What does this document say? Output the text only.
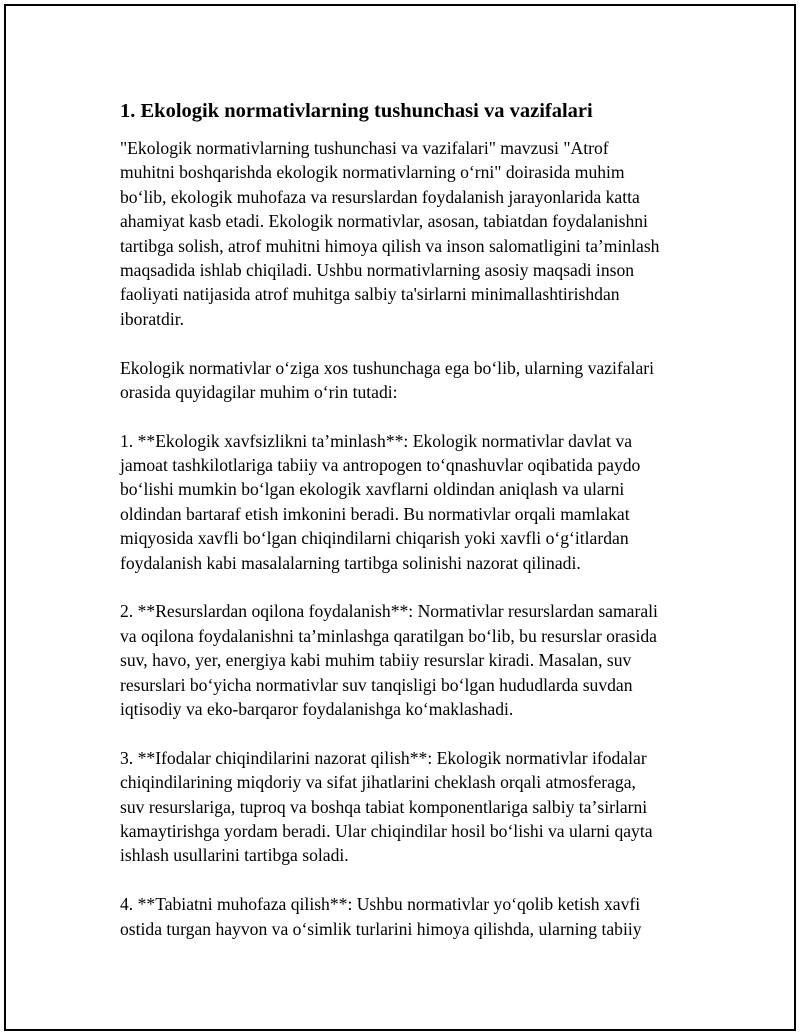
1. Ekologik normativlarning tushunchasi va vazifalari
"Ekologik normativlarning tushunchasi va vazifalari" mavzusi "Atrof
muhitni boshqarishda ekologik normativlarning oʻrni" doirasida muhim
boʻlib, ekologik muhofaza va resurslardan foydalanish jarayonlarida katta
ahamiyat kasb etadi. Ekologik normativlar, asosan, tabiatdan foydalanishni
tartibga solish, atrof muhitni himoya qilish va inson salomatligini taʼminlash
maqsadida ishlab chiqiladi. Ushbu normativlarning asosiy maqsadi inson
faoliyati natijasida atrof muhitga salbiy ta'sirlarni minimallashtirishdan
iboratdir.
Ekologik normativlar oʻziga xos tushunchaga ega boʻlib, ularning vazifalari
orasida quyidagilar muhim oʻrin tutadi:
1. **Ekologik xavfsizlikni taʼminlash**: Ekologik normativlar davlat va
jamoat tashkilotlariga tabiiy va antropogen toʻqnashuvlar oqibatida paydo
boʻlishi mumkin boʻlgan ekologik xavflarni oldindan aniqlash va ularni
oldindan bartaraf etish imkonini beradi. Bu normativlar orqali mamlakat
miqyosida xavfli boʻlgan chiqindilarni chiqarish yoki xavfli oʻgʻitlardan
foydalanish kabi masalalarning tartibga solinishi nazorat qilinadi.
2. **Resurslardan oqilona foydalanish**: Normativlar resurslardan samarali
va oqilona foydalanishni taʼminlashga qaratilgan boʻlib, bu resurslar orasida
suv, havo, yer, energiya kabi muhim tabiiy resurslar kiradi. Masalan, suv
resurslari boʻyicha normativlar suv tanqisligi boʻlgan hududlarda suvdan
iqtisodiy va eko-barqaror foydalanishga koʻmaklashadi.
3. **Ifodalar chiqindilarini nazorat qilish**: Ekologik normativlar ifodalar
chiqindilarining miqdoriy va sifat jihatlarini cheklash orqali atmosferaga,
suv resurslariga, tuproq va boshqa tabiat komponentlariga salbiy taʼsirlarni
kamaytirishga yordam beradi. Ular chiqindilar hosil boʻlishi va ularni qayta
ishlash usullarini tartibga soladi.
4. **Tabiatni muhofaza qilish**: Ushbu normativlar yoʻqolib ketish xavfi
ostida turgan hayvon va oʻsimlik turlarini himoya qilishda, ularning tabiiy
